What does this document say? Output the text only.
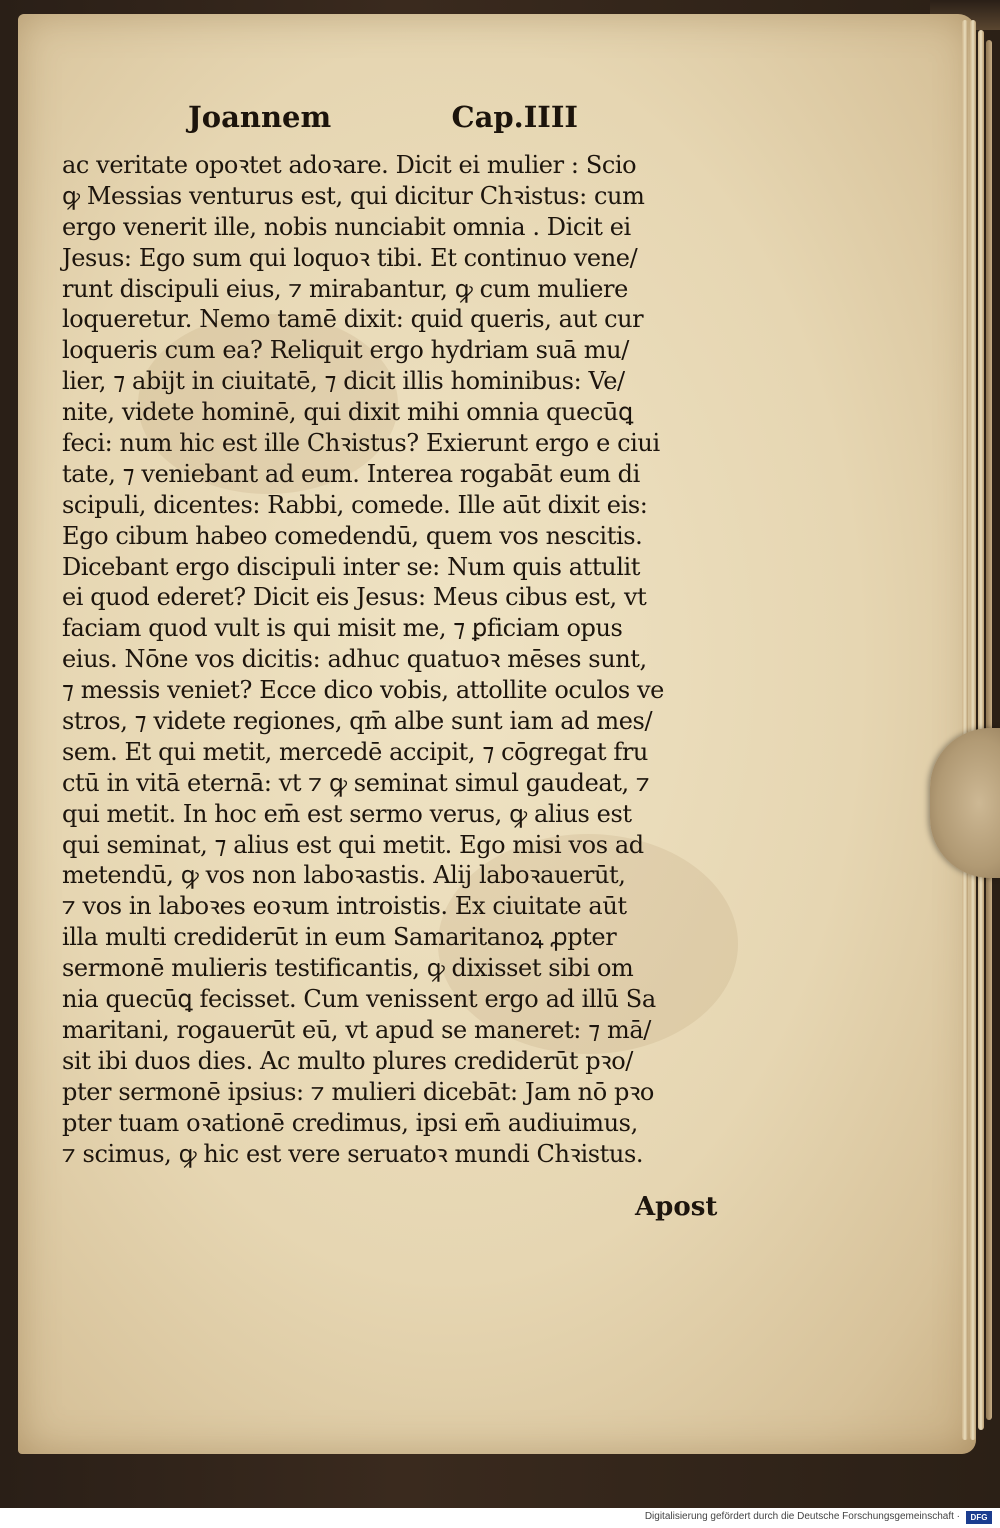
Joannem	Cap.IIII
ac veritate opoꝛtet adoꝛare. Dicit ei mulier : Scio
ꝙ Messias venturus est, qui dicitur Chꝛistus: cum
ergo venerit ille, nobis nunciabit omnia . Dicit ei
Jesus: Ego sum qui loquoꝛ tibi. Et continuo vene/
runt discipuli eius, ⁊ mirabantur, ꝙ cum muliere
loqueretur. Nemo tamē dixit: quid queris, aut cur
loqueris cum ea? Reliquit ergo hydriam suā mu/
lier, ⁊ abijt in ciuitatē, ⁊ dicit illis hominibus: Ve/
nite, videte hominē, qui dixit mihi omnia quecūꝗ
feci: num hic est ille Chꝛistus? Exierunt ergo e ciui
tate, ⁊ veniebant ad eum. Interea rogabāt eum di
scipuli, dicentes: Rabbi, comede. Ille aūt dixit eis:
Ego cibum habeo comedendū, quem vos nescitis.
Dicebant ergo discipuli inter se: Num quis attulit
ei quod ederet? Dicit eis Jesus: Meus cibus est, vt
faciam quod vult is qui misit me, ⁊ ꝑficiam opus
eius. Nōne vos dicitis: adhuc quatuoꝛ mēses sunt,
⁊ messis veniet? Ecce dico vobis, attollite oculos ve
stros, ⁊ videte regiones, qm̄ albe sunt iam ad mes/
sem. Et qui metit, mercedē accipit, ⁊ cōgregat fru
ctū in vitā eternā: vt ⁊ ꝙ seminat simul gaudeat, ⁊
qui metit. In hoc em̄ est sermo verus, ꝙ alius est
qui seminat, ⁊ alius est qui metit. Ego misi vos ad
metendū, ꝙ vos non laboꝛastis. Alij laboꝛauerūt,
⁊ vos in laboꝛes eoꝛum introistis. Ex ciuitate aūt
illa multi crediderūt in eum Samaritanoꝝ ꝓpter
sermonē mulieris testificantis, ꝙ dixisset sibi om
nia quecūꝗ fecisset. Cum venissent ergo ad illū Sa
maritani, rogauerūt eū, vt apud se maneret: ⁊ mā/
sit ibi duos dies. Ac multo plures crediderūt pꝛo/
pter sermonē ipsius: ⁊ mulieri dicebāt: Jam nō pꝛo
pter tuam oꝛationē credimus, ipsi em̄ audiuimus,
⁊ scimus, ꝙ hic est vere seruatoꝛ mundi Chꝛistus.
Apost
Digitalisierung gefördert durch die Deutsche Forschungsgemeinschaft ·	DFG
